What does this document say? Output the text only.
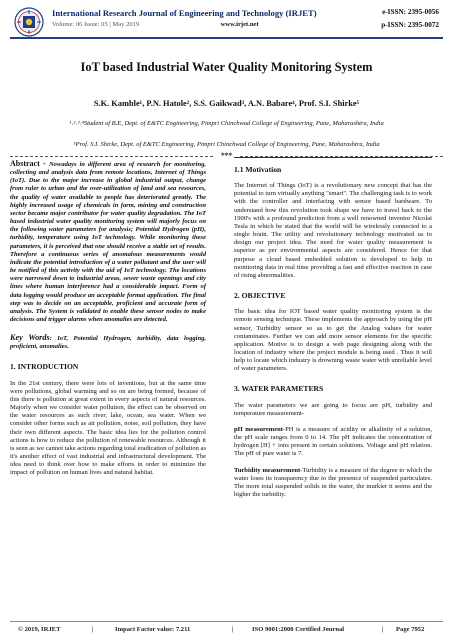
International Research Journal of Engineering and Technology (IRJET)
Volume: 06 Issue: 05 | May 2019	www.irjet.net
e-ISSN: 2395-0056
p-ISSN: 2395-0072
IoT based Industrial Water Quality Monitoring System
S.K. Kamble¹, P.N. Hatole², S.S. Gaikwad³, A.N. Babare⁴, Prof. S.I. Shirke⁵
¹˒²˒³˒⁴Student of B.E, Dept. of E&TC Engineering, Pimpri Chinchwad College of Engineering, Pune, Maharashtra, India
⁵Prof. S.I. Shirke, Dept. of E&TC Engineering, Pimpri Chinchwad College of Engineering, Pune, Maharashtra, India
***

Abstract - Nowadays in different area of research for monitoring, collecting and analysis data from remote locations, Internet of Things (IoT). Due to the major increase in global industrial output, change from ruler to urban and the over-utilization of land and sea resources, the quality of water available to people has deteriorated greatly. The highly increased usage of chemicals in farm, mining and construction sector became major contributor for water quality degradation. The IoT based industrial water quality monitoring system will majorly focus on the following water parameters for analysis; Potential Hydrogen (pH), turbidity, temperature using IoT technology. While monitoring these parameters, it is perceived that one should receive a stable set of results. Therefore a continuous series of anomalous measurements would indicate the potential introduction of a water pollutant and the user will be notified of this activity with the aid of IoT technology. The locations were narrowed down to industrial areas, sewer waste openings and city lines where human interference had a considerable impact. Form of data logging would produce an acceptable format application. The final step was to decide on an acceptable, proficient and accurate form of analysis. The System is validated to enable these sensor nodes to make decisions and trigger alarms when anomalies are detected.

Key Words: IoT, Potential Hydrogen, turbidity, data logging, proficient, anomalies.

1. INTRODUCTION

In the 21st century, there were lots of inventions, but at the same time were pollutions, global warming and so on are being formed, because of this there is pollution at great extent in every aspects of natural resources. Majorly when we consider water pollution, the effect can be observed on the water resources as such river, lake, ocean, sea water. When we consider other forms such as air pollution, noise, soil pollution, they have their own different aspects. The basic idea lies for the pollution control actions is how to reduce the pollution of renewable resources. Although it is seen as we cannot take actions regarding total eradication of pollution as it's another effect of vast industrial and infrastructural development. The idea need to think over how to make efforts in order to minimize the impact of pollution on human lives and natural habitat.

1.1 Motivation

The Internet of Things (IoT) is a revolutionary new concept that has the potential to turn virtually anything "smart". The challenging task is to work with the controller and interfacing with sensor based hardware. To understand how this revolution took shape we have to travel back to the 1900's with a profound prediction from a well renowned inventor Nicolai Tesla in which he stated that the world will be wirelessly connected to a single brain. The utility and revolutionary technology motivated us to design our project idea. The need for water quality measurement is superior as per environmental aspects are considered. Hence for that purpose a cloud based embedded solution is developed to help in monitoring data in real time providing a fast and effective reaction in case of rising abnormalities.

2. OBJECTIVE

The basic idea for IOT based water quality monitoring system is the remote sensing technique. These implements the approach by using the pH sensor, Turbidity sensor so as to get the Analog values for water contaminates. Further we can add more sensor elements for the specific application. Motive is to design a web page designing along with the location of industry where the project module is being used . Thus it will help to locate which industry is drowning waste water with unreliable level of water parameters.

3. WATER PARAMETERS

The water parameters we are going to focus are pH, turbidity and temperature measurement-

pH measurement-PH is a measure of acidity or alkalinity of a solution, the pH scale ranges from 0 to 14. The pH indicates the concentration of hydrogen [H] + ions present in certain solutions. Voltage and pH relation. The pH of pure water is 7.

Turbidity measurement-Turbidity is a measure of the degree to which the water loses its transparency due to the presence of suspended particulates. The more total suspended solids in the water, the murkier it seems and the higher the turbidity.

© 2019, IRJET	|	Impact Factor value: 7.211	|	ISO 9001:2008 Certified Journal	| Page 7952
